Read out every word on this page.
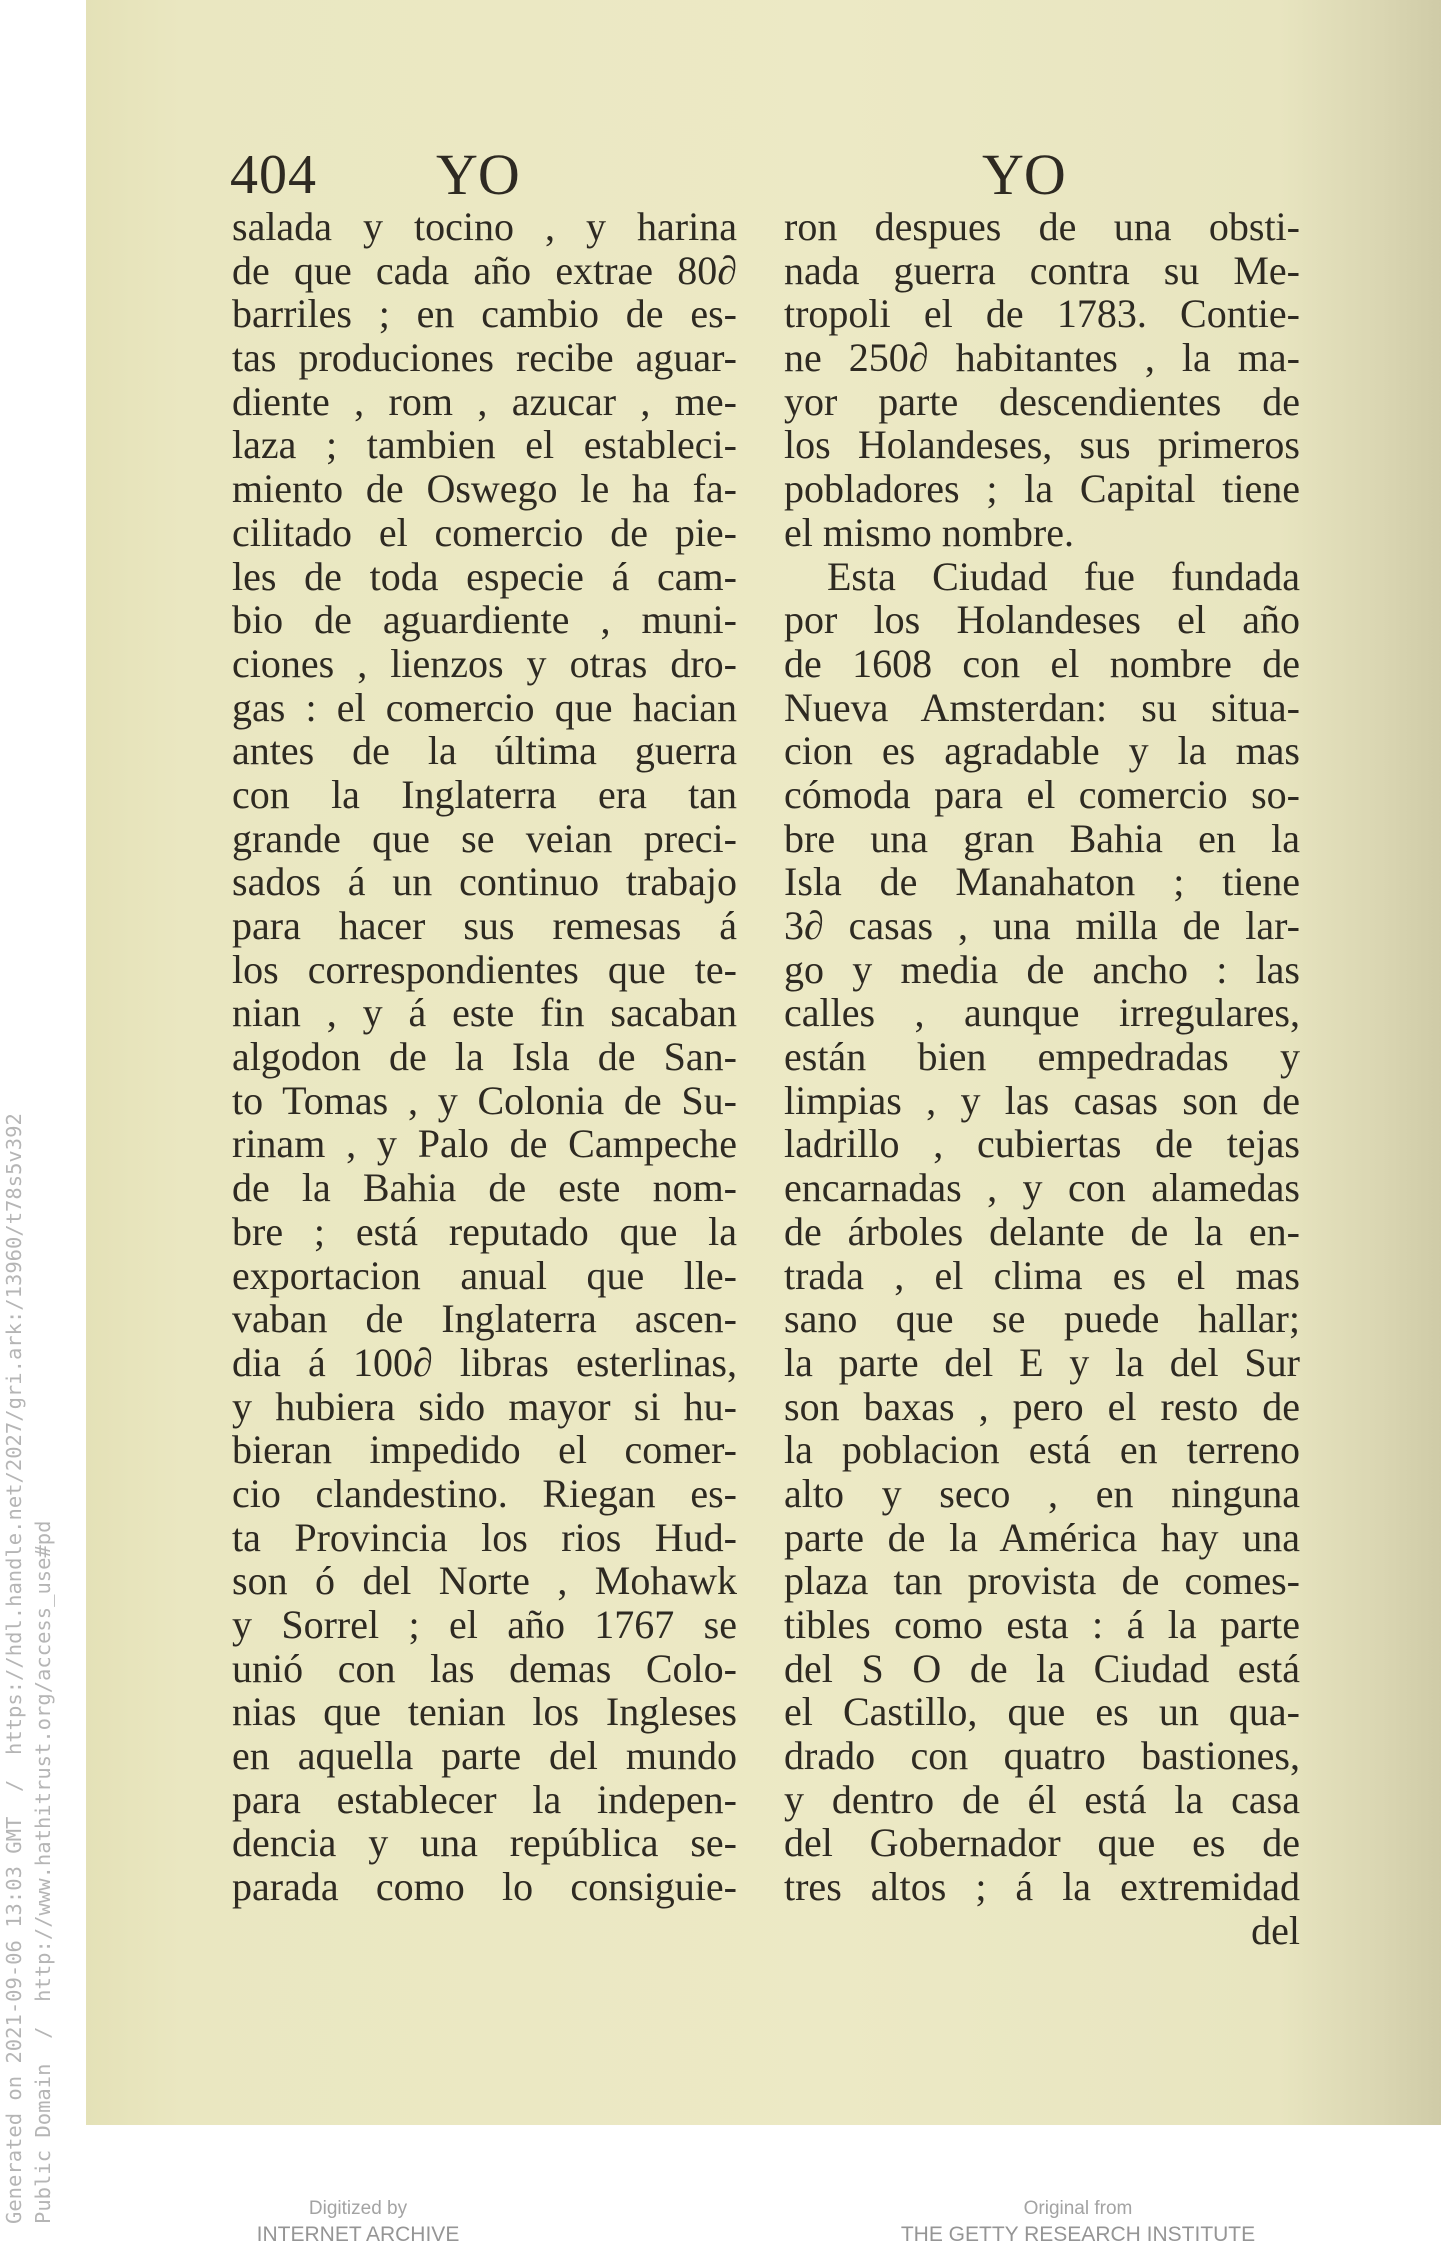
404 YO	YO
salada y tocino , y harina
de que cada año extrae 80∂
barriles ; en cambio de es-
tas produciones recibe aguar-
diente , rom , azucar , me-
laza ; tambien el estableci-
miento de Oswego le ha fa-
cilitado el comercio de pie-
les de toda especie á cam-
bio de aguardiente , muni-
ciones , lienzos y otras dro-
gas : el comercio que hacian
antes de la última guerra
con la Inglaterra era tan
grande que se veian preci-
sados á un continuo trabajo
para hacer sus remesas á
los correspondientes que te-
nian , y á este fin sacaban
algodon de la Isla de San-
to Tomas , y Colonia de Su-
rinam , y Palo de Campeche
de la Bahia de este nom-
bre ; está reputado que la
exportacion anual que lle-
vaban de Inglaterra ascen-
dia á 100∂ libras esterlinas,
y hubiera sido mayor si hu-
bieran impedido el comer-
cio clandestino. Riegan es-
ta Provincia los rios Hud-
son ó del Norte , Mohawk
y Sorrel ; el año 1767 se
unió con las demas Colo-
nias que tenian los Ingleses
en aquella parte del mundo
para establecer la indepen-
dencia y una república se-
parada como lo consiguie-
ron despues de una obsti-
nada guerra contra su Me-
tropoli el de 1783. Contie-
ne 250∂ habitantes , la ma-
yor parte descendientes de
los Holandeses, sus primeros
pobladores ; la Capital tiene
el mismo nombre.
Esta Ciudad fue fundada
por los Holandeses el año
de 1608 con el nombre de
Nueva Amsterdan: su situa-
cion es agradable y la mas
cómoda para el comercio so-
bre una gran Bahia en la
Isla de Manahaton ; tiene
3∂ casas , una milla de lar-
go y media de ancho : las
calles , aunque irregulares,
están bien empedradas y
limpias , y las casas son de
ladrillo , cubiertas de tejas
encarnadas , y con alamedas
de árboles delante de la en-
trada , el clima es el mas
sano que se puede hallar;
la parte del E y la del Sur
son baxas , pero el resto de
la poblacion está en terreno
alto y seco , en ninguna
parte de la América hay una
plaza tan provista de comes-
tibles como esta : á la parte
del S O de la Ciudad está
el Castillo, que es un qua-
drado con quatro bastiones,
y dentro de él está la casa
del Gobernador que es de
tres altos ; á la extremidad
del
Generated on 2021-09-06 13:03 GMT  /  https://hdl.handle.net/2027/gri.ark:/13960/t78s5v392 Public Domain  /  http://www.hathitrust.org/access_use#pd	Digitized by
INTERNET ARCHIVE
Original from
THE GETTY RESEARCH INSTITUTE
